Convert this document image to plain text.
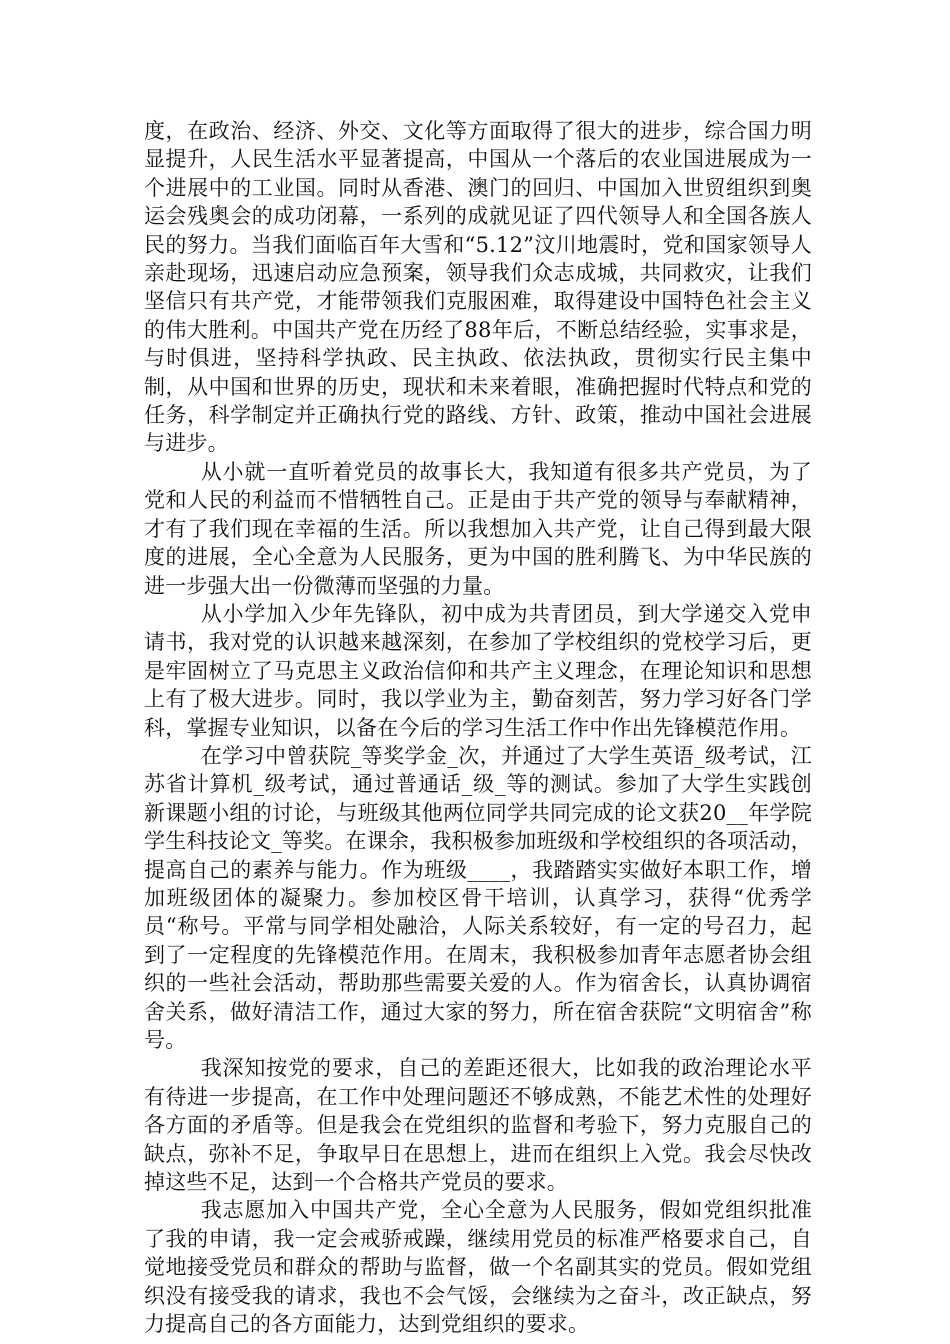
度，在政治、经济、外交、文化等方面取得了很大的进步，综合国力明显提升，人民生活水平显著提高，中国从一个落后的农业国进展成为一个进展中的工业国。同时从香港、澳门的回归、中国加入世贸组织到奥运会残奥会的成功闭幕，一系列的成就见证了四代领导人和全国各族人民的努力。当我们面临百年大雪和“5.12”汶川地震时，党和国家领导人亲赴现场，迅速启动应急预案，领导我们众志成城，共同救灾，让我们坚信只有共产党，才能带领我们克服困难，取得建设中国特色社会主义的伟大胜利。中国共产党在历经了88年后，不断总结经验，实事求是，与时俱进，坚持科学执政、民主执政、依法执政，贯彻实行民主集中制，从中国和世界的历史，现状和未来着眼，准确把握时代特点和党的任务，科学制定并正确执行党的路线、方针、政策，推动中国社会进展与进步。

从小就一直听着党员的故事长大，我知道有很多共产党员，为了党和人民的利益而不惜牺牲自己。正是由于共产党的领导与奉献精神，才有了我们现在幸福的生活。所以我想加入共产党，让自己得到最大限度的进展，全心全意为人民服务，更为中国的胜利腾飞、为中华民族的进一步强大出一份微薄而坚强的力量。

从小学加入少年先锋队，初中成为共青团员，到大学递交入党申请书，我对党的认识越来越深刻，在参加了学校组织的党校学习后，更是牢固树立了马克思主义政治信仰和共产主义理念，在理论知识和思想上有了极大进步。同时，我以学业为主，勤奋刻苦，努力学习好各门学科，掌握专业知识，以备在今后的学习生活工作中作出先锋模范作用。

在学习中曾获院_等奖学金_次，并通过了大学生英语_级考试，江苏省计算机_级考试，通过普通话_级_等的测试。参加了大学生实践创新课题小组的讨论，与班级其他两位同学共同完成的论文获20__年学院学生科技论文_等奖。在课余，我积极参加班级和学校组织的各项活动，提高自己的素养与能力。作为班级____，我踏踏实实做好本职工作，增加班级团体的凝聚力。参加校区骨干培训，认真学习，获得“优秀学员“称号。平常与同学相处融洽，人际关系较好，有一定的号召力，起到了一定程度的先锋模范作用。在周末，我积极参加青年志愿者协会组织的一些社会活动，帮助那些需要关爱的人。作为宿舍长，认真协调宿舍关系，做好清洁工作，通过大家的努力，所在宿舍获院“文明宿舍”称号。

我深知按党的要求，自己的差距还很大，比如我的政治理论水平有待进一步提高，在工作中处理问题还不够成熟，不能艺术性的处理好各方面的矛盾等。但是我会在党组织的监督和考验下，努力克服自己的缺点，弥补不足，争取早日在思想上，进而在组织上入党。我会尽快改掉这些不足，达到一个合格共产党员的要求。

我志愿加入中国共产党，全心全意为人民服务，假如党组织批准了我的申请，我一定会戒骄戒躁，继续用党员的标准严格要求自己，自觉地接受党员和群众的帮助与监督，做一个名副其实的党员。假如党组织没有接受我的请求，我也不会气馁，会继续为之奋斗，改正缺点，努力提高自己的各方面能力，达到党组织的要求。
